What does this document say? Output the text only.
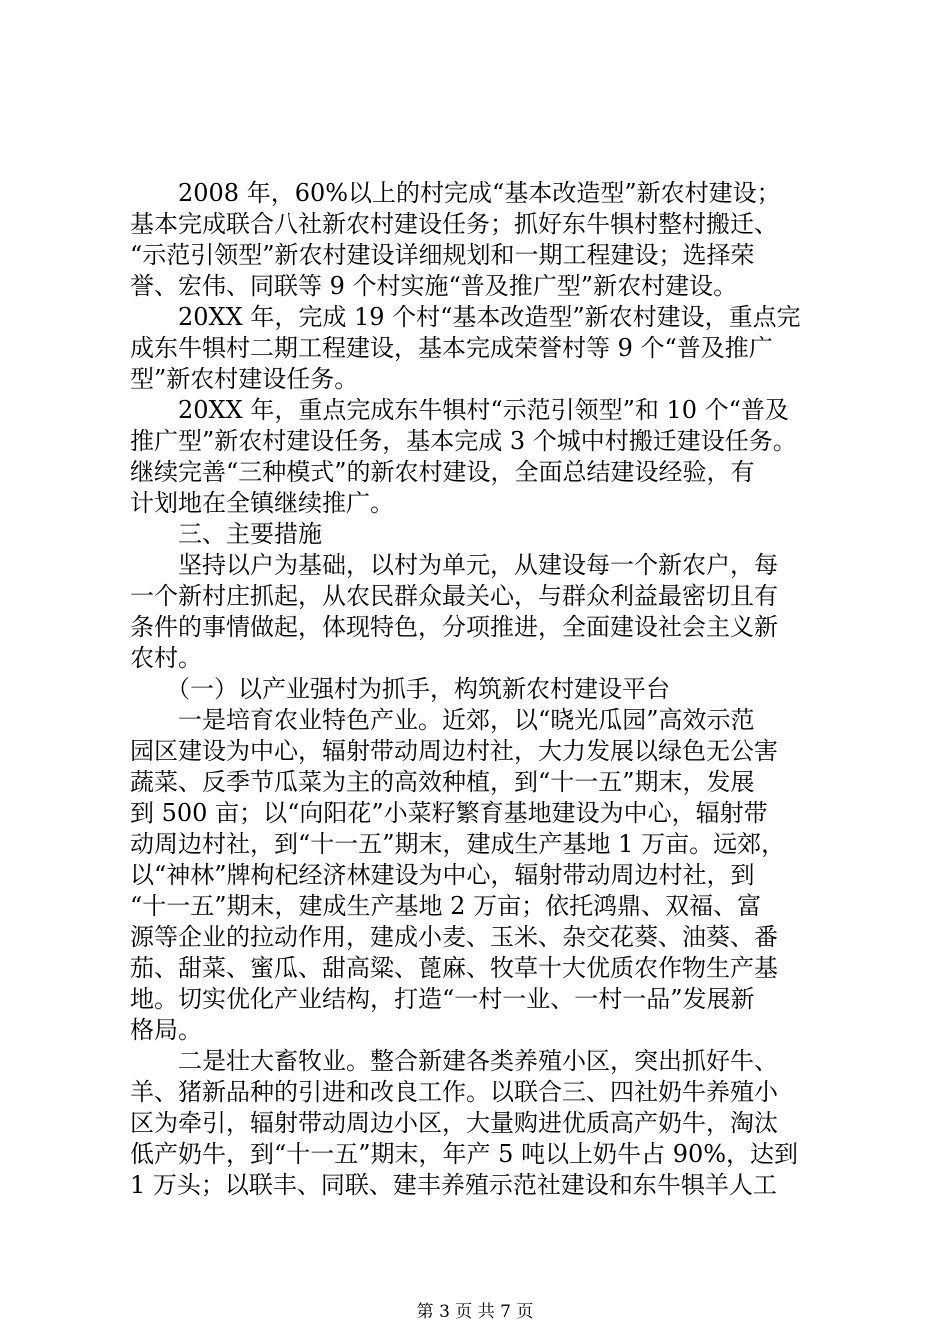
　　2008 年，60%以上的村完成“基本改造型”新农村建设；
基本完成联合八社新农村建设任务；抓好东牛犋村整村搬迁、
“示范引领型”新农村建设详细规划和一期工程建设；选择荣
誉、宏伟、同联等 9 个村实施“普及推广型”新农村建设。
　　20XX 年，完成 19 个村“基本改造型”新农村建设，重点完
成东牛犋村二期工程建设，基本完成荣誉村等 9 个“普及推广
型”新农村建设任务。
　　20XX 年，重点完成东牛犋村“示范引领型”和 10 个“普及
推广型”新农村建设任务，基本完成 3 个城中村搬迁建设任务。
继续完善“三种模式”的新农村建设，全面总结建设经验，有
计划地在全镇继续推广。
　　三、主要措施
　　坚持以户为基础，以村为单元，从建设每一个新农户，每
一个新村庄抓起，从农民群众最关心，与群众利益最密切且有
条件的事情做起，体现特色，分项推进，全面建设社会主义新
农村。
　　（一）以产业强村为抓手，构筑新农村建设平台
　　一是培育农业特色产业。近郊，以“晓光瓜园”高效示范
园区建设为中心，辐射带动周边村社，大力发展以绿色无公害
蔬菜、反季节瓜菜为主的高效种植，到“十一五”期末，发展
到 500 亩；以“向阳花”小菜籽繁育基地建设为中心，辐射带
动周边村社，到“十一五”期末，建成生产基地 1 万亩。远郊，
以“神林”牌枸杞经济林建设为中心，辐射带动周边村社，到
“十一五”期末，建成生产基地 2 万亩；依托鸿鼎、双福、富
源等企业的拉动作用，建成小麦、玉米、杂交花葵、油葵、番
茄、甜菜、蜜瓜、甜高粱、蓖麻、牧草十大优质农作物生产基
地。切实优化产业结构，打造“一村一业、一村一品”发展新
格局。
　　二是壮大畜牧业。整合新建各类养殖小区，突出抓好牛、
羊、猪新品种的引进和改良工作。以联合三、四社奶牛养殖小
区为牵引，辐射带动周边小区，大量购进优质高产奶牛，淘汰
低产奶牛，到“十一五”期末，年产 5 吨以上奶牛占 90%，达到
1 万头；以联丰、同联、建丰养殖示范社建设和东牛犋羊人工
第 3 页 共 7 页
